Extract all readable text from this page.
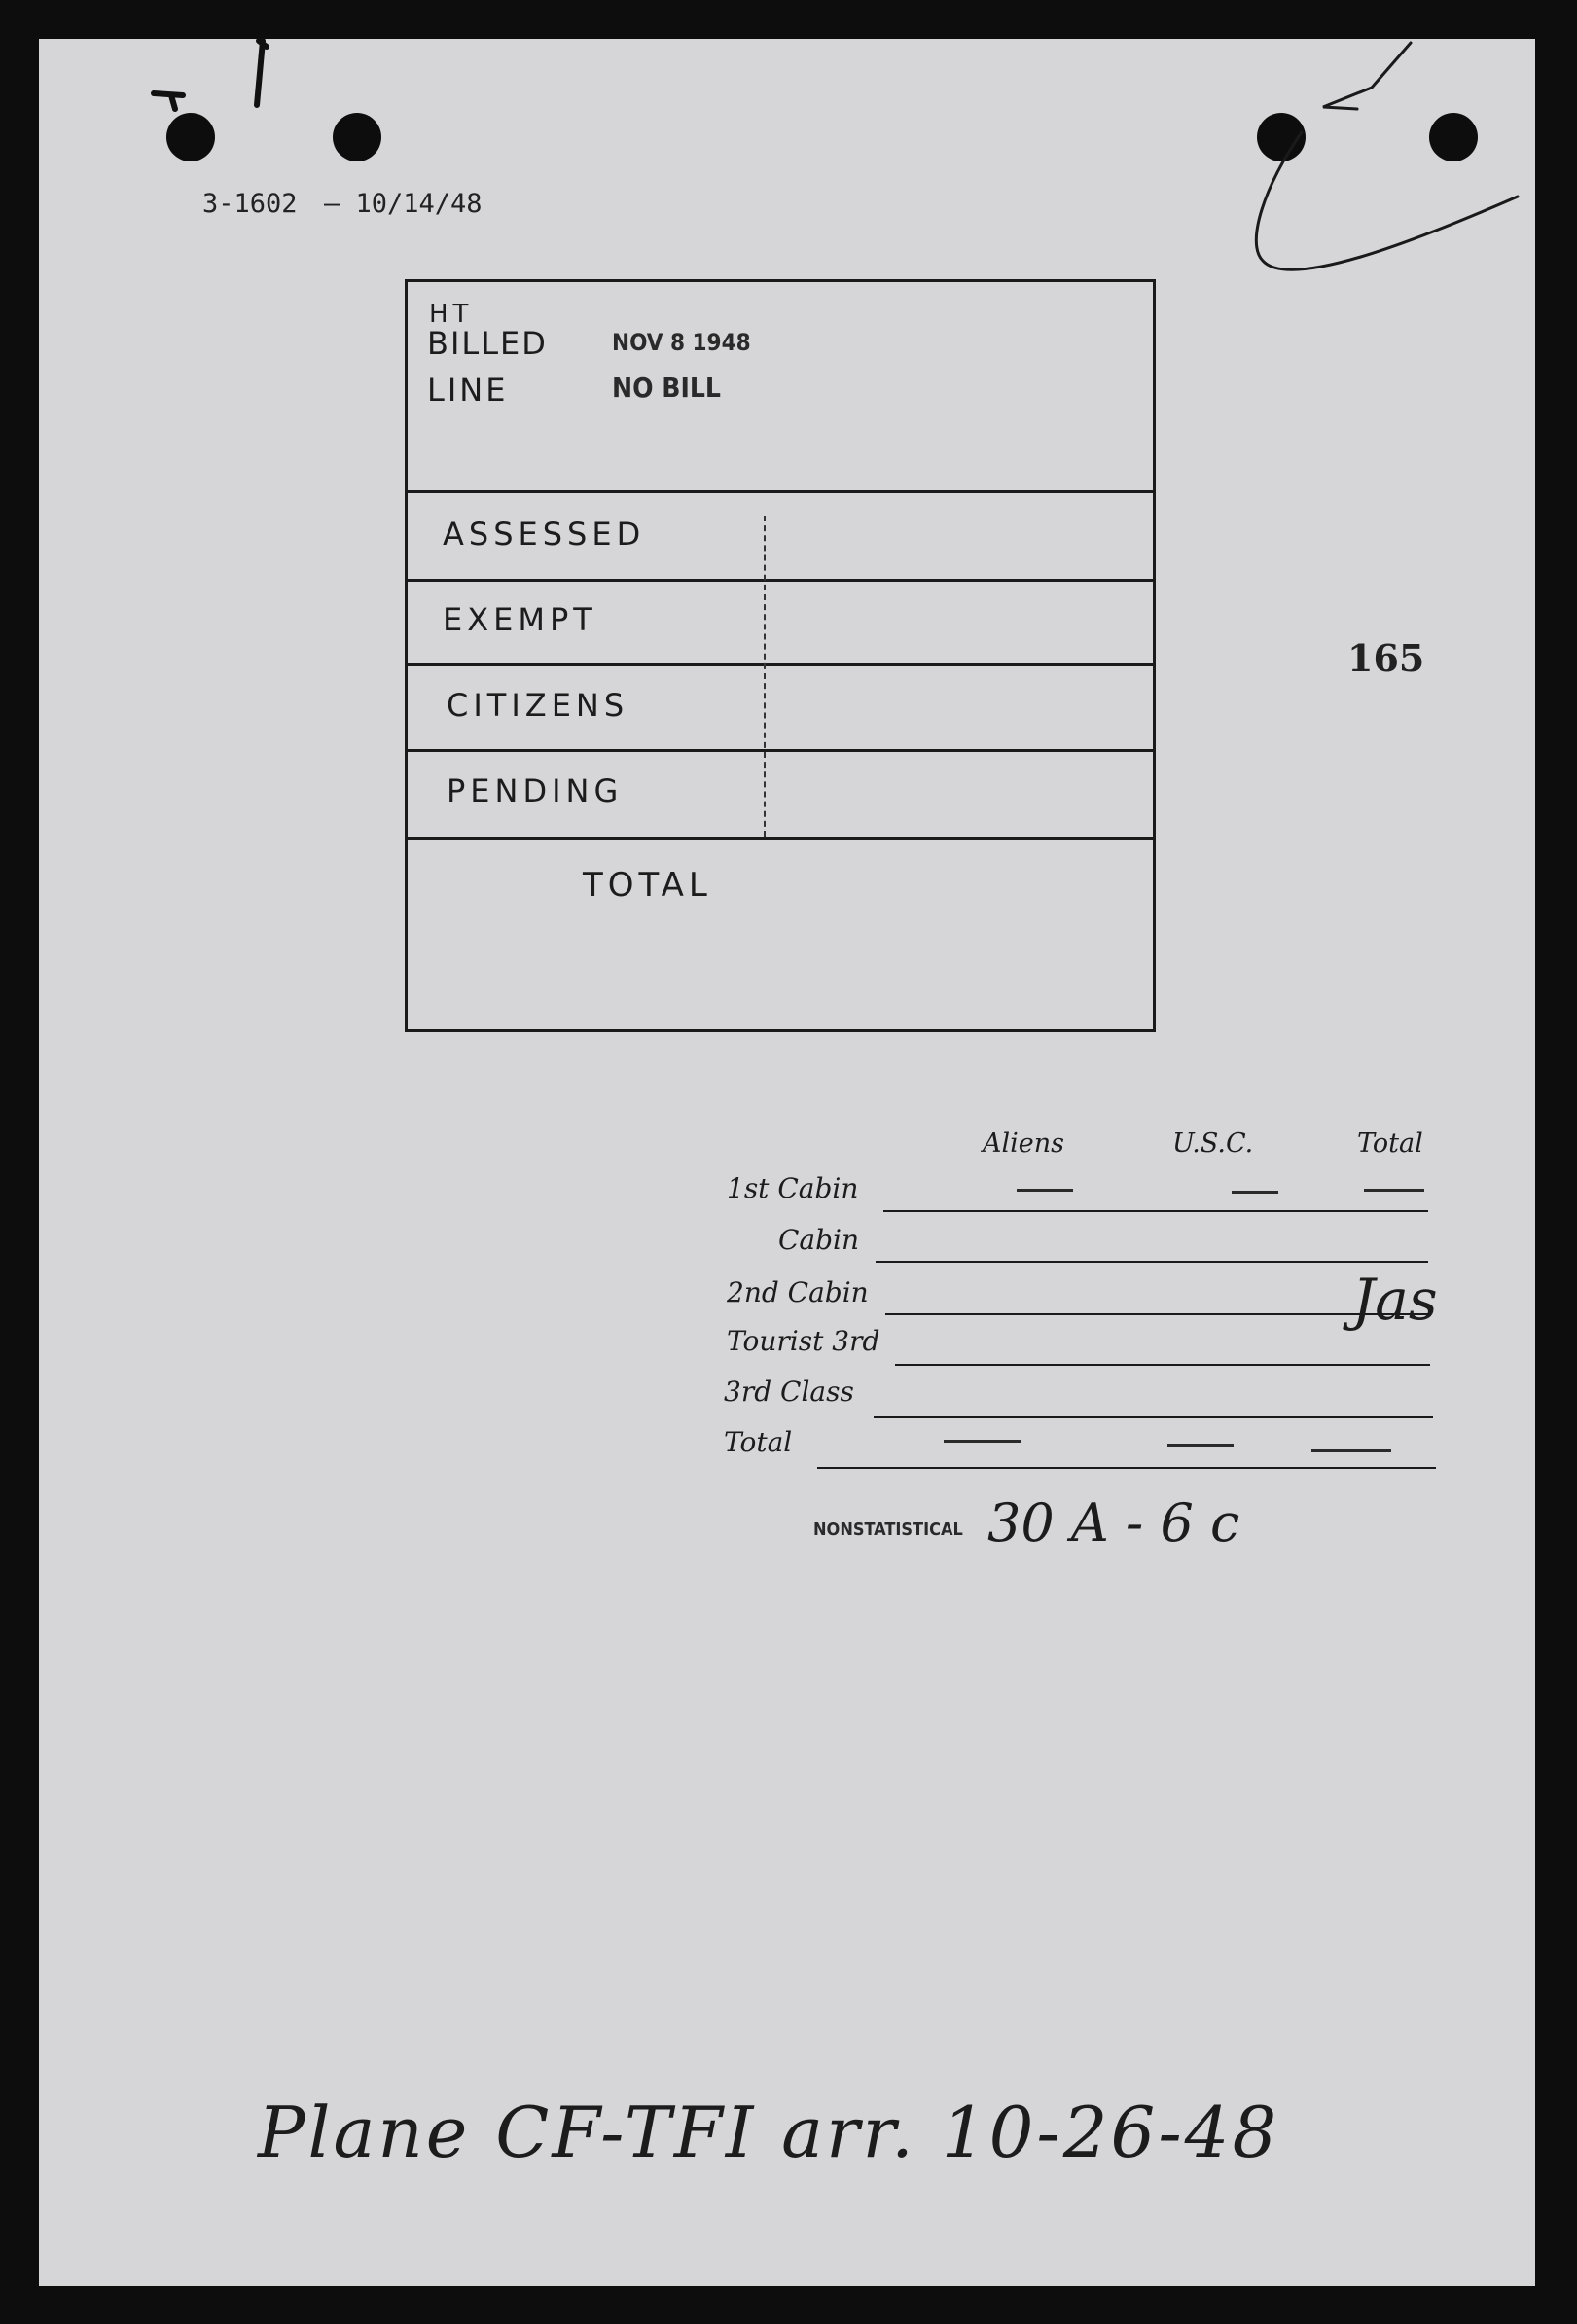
3-1602 — 10/14/48
165
HT
BILLED
LINE
NOV 8 1948
NO BILL
ASSESSED
EXEMPT
CITIZENS
PENDING
TOTAL
Aliens	U.S.C.	Total
1st Cabin
Cabin
2nd Cabin
Tourist 3rd
3rd Class
Total
Jas
NONSTATISTICAL 30 A - 6 c
Plane CF-TFI arr. 10-26-48
